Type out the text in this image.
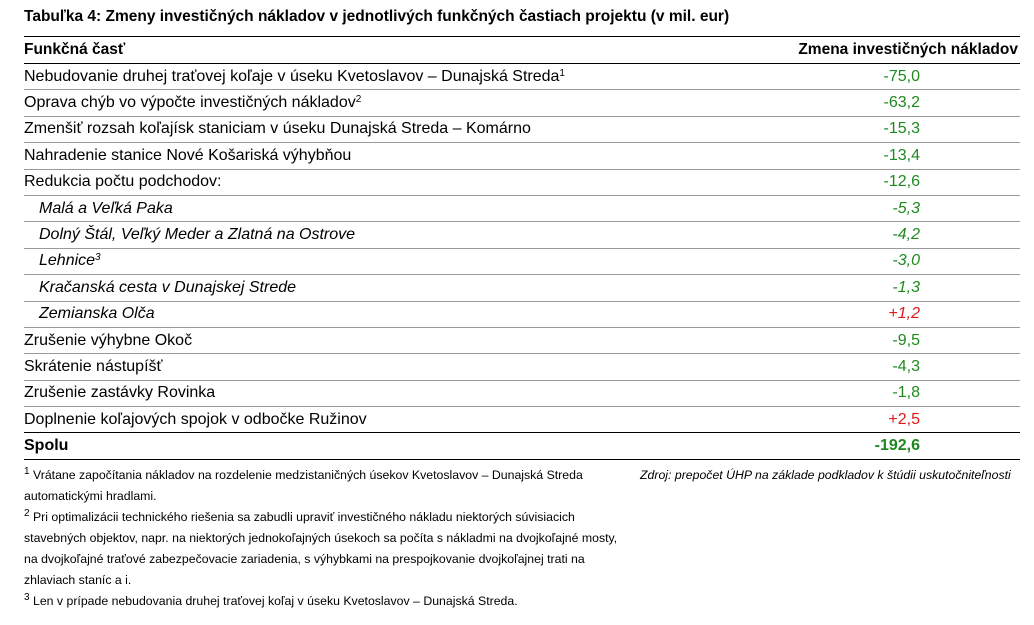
Tabuľka 4: Zmeny investičných nákladov v jednotlivých funkčných častiach projektu (v mil. eur)
Funkčná časť	Zmena investičných nákladov
Nebudovanie druhej traťovej koľaje v úseku Kvetoslavov – Dunajská Streda$^1$	-75,0
Oprava chýb vo výpočte investičných nákladov$^2$	-63,2
Zmenšiť rozsah koľajísk staniciam v úseku Dunajská Streda – Komárno	-15,3
Nahradenie stanice Nové Košariská výhybňou	-13,4
Redukcia počtu podchodov:	-12,6
Malá a Veľká Paka	-5,3
Dolný Štál, Veľký Meder a Zlatná na Ostrove	-4,2
Lehnice$^3$	-3,0
Kračanská cesta v Dunajskej Strede	-1,3
Zemianska Olča	+1,2
Zrušenie výhybne Okoč	-9,5
Skrátenie nástupíšť	-4,3
Zrušenie zastávky Rovinka	-1,8
Doplnenie koľajových spojok v odbočke Ružinov	+2,5
Spolu	-192,6

$^1$ Vrátane započítania nákladov na rozdelenie medzistaničných úsekov Kvetoslavov – Dunajská Streda automatickými hradlami.

$^2$ Pri optimalizácii technického riešenia sa zabudli upraviť investičného nákladu niektorých súvisiacich stavebných objektov, napr. na niektorých jednokoľajných úsekoch sa počíta s nákladmi na dvojkoľajné mosty, na dvojkoľajné traťové zabezpečovacie zariadenia, s výhybkami na prespojkovanie dvojkoľajnej trati na zhlaviach staníc a i.

$^3$ Len v prípade nebudovania druhej traťovej koľaj v úseku Kvetoslavov – Dunajská Streda.

Zdroj: prepočet ÚHP na základe podkladov k štúdii uskutočniteľnosti
